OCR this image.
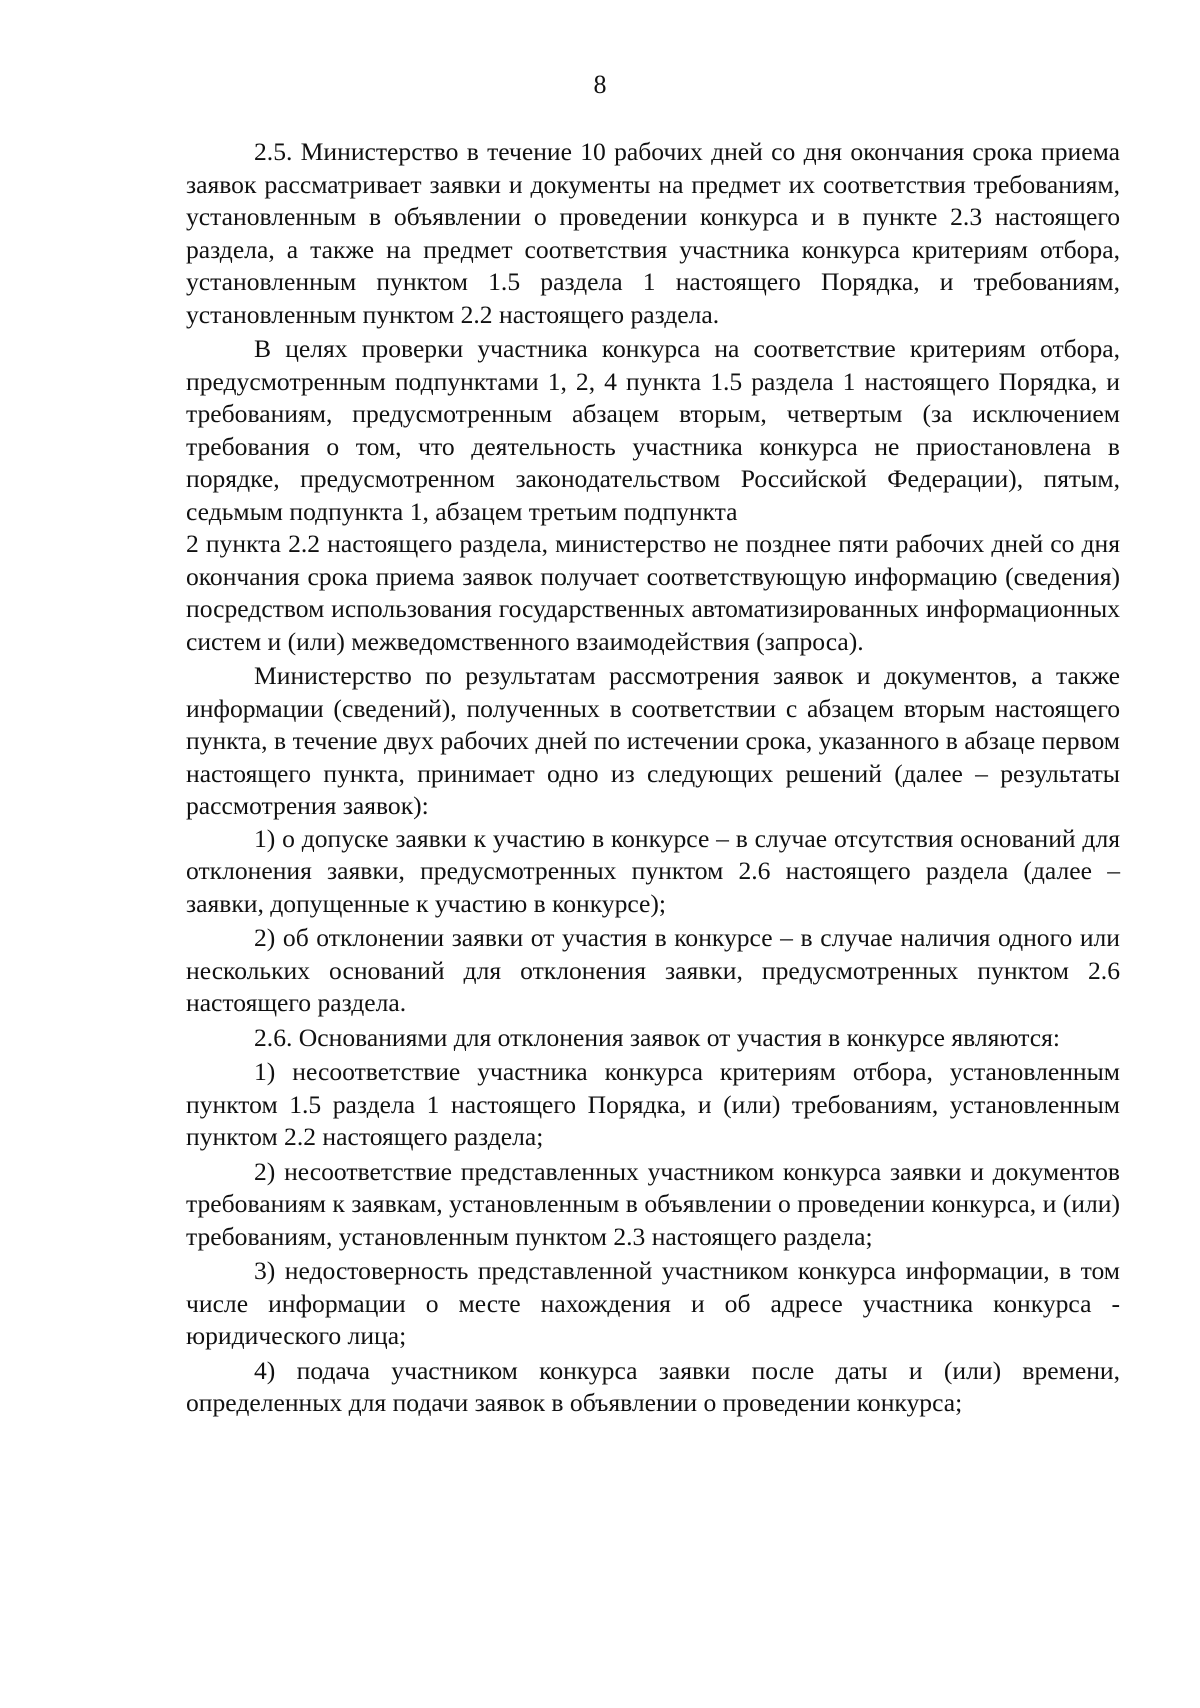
8

2.5. Министерство в течение 10 рабочих дней со дня окончания срока приема заявок рассматривает заявки и документы на предмет их соответствия требованиям, установленным в объявлении о проведении конкурса и в пункте 2.3 настоящего раздела, а также на предмет соответствия участника конкурса критериям отбора, установленным пунктом 1.5 раздела 1 настоящего Порядка, и требованиям, установленным пунктом 2.2 настоящего раздела.

В целях проверки участника конкурса на соответствие критериям отбора, предусмотренным подпунктами 1, 2, 4 пункта 1.5 раздела 1 настоящего Порядка, и требованиям, предусмотренным абзацем вторым, четвертым (за исключением требования о том, что деятельность участника конкурса не приостановлена в порядке, предусмотренном законодательством Российской Федерации), пятым, седьмым подпункта 1, абзацем третьим подпункта

2 пункта 2.2 настоящего раздела, министерство не позднее пяти рабочих дней со дня окончания срока приема заявок получает соответствующую информацию (сведения) посредством использования государственных автоматизированных информационных систем и (или) межведомственного взаимодействия (запроса).

Министерство по результатам рассмотрения заявок и документов, а также информации (сведений), полученных в соответствии с абзацем вторым настоящего пункта, в течение двух рабочих дней по истечении срока, указанного в абзаце первом настоящего пункта, принимает одно из следующих решений (далее – результаты рассмотрения заявок):

1) о допуске заявки к участию в конкурсе – в случае отсутствия оснований для отклонения заявки, предусмотренных пунктом 2.6 настоящего раздела (далее – заявки, допущенные к участию в конкурсе);

2) об отклонении заявки от участия в конкурсе – в случае наличия одного или нескольких оснований для отклонения заявки, предусмотренных пунктом 2.6 настоящего раздела.

2.6. Основаниями для отклонения заявок от участия в конкурсе являются:

1) несоответствие участника конкурса критериям отбора, установленным пунктом 1.5 раздела 1 настоящего Порядка, и (или) требованиям, установленным пунктом 2.2 настоящего раздела;

2) несоответствие представленных участником конкурса заявки и документов требованиям к заявкам, установленным в объявлении о проведении конкурса, и (или) требованиям, установленным пунктом 2.3 настоящего раздела;

3) недостоверность представленной участником конкурса информации, в том числе информации о месте нахождения и об адресе участника конкурса - юридического лица;

4) подача участником конкурса заявки после даты и (или) времени, определенных для подачи заявок в объявлении о проведении конкурса;
